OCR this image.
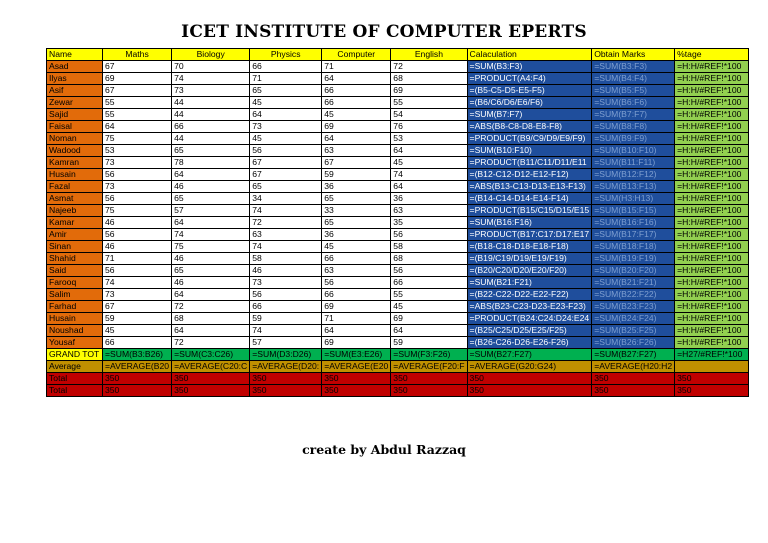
ICET INSTITUTE OF COMPUTER EPERTS
Name	Maths	Biology	Physics	Computer	English	Calaculation	Obtain Marks	%tage
Asad	67	70	66	71	72	=SUM(B3:F3)	=SUM(B3:F3)	=H:H/#REF!*100
Ilyas	69	74	71	64	68	=PRODUCT(A4:F4)	=SUM(B4:F4)	=H:H/#REF!*100
Asif	67	73	65	66	69	=(B5-C5-D5-E5-F5)	=SUM(B5:F5)	=H:H/#REF!*100
Zewar	55	44	45	66	55	=(B6/C6/D6/E6/F6)	=SUM(B6:F6)	=H:H/#REF!*100
Sajid	55	44	64	45	54	=SUM(B7:F7)	=SUM(B7:F7)	=H:H/#REF!*100
Faisal	64	66	73	69	76	=ABS(B8-C8-D8-E8-F8)	=SUM(B8:F8)	=H:H/#REF!*100
Noman	75	44	45	64	53	=PRODUCT(B9/C9/D9/E9/F9)	=SUM(B9:F9)	=H:H/#REF!*100
Wadood	53	65	56	63	64	=SUM(B10:F10)	=SUM(B10:F10)	=H:H/#REF!*100
Kamran	73	78	67	67	45	=PRODUCT(B11/C11/D11/E11	=SUM(B11:F11)	=H:H/#REF!*100
Husain	56	64	67	59	74	=(B12-C12-D12-E12-F12)	=SUM(B12:F12)	=H:H/#REF!*100
Fazal	73	46	65	36	64	=ABS(B13-C13-D13-E13-F13)	=SUM(B13:F13)	=H:H/#REF!*100
Asmat	56	65	34	65	36	=(B14-C14-D14-E14-F14)	=SUM(H3:H13)	=H:H/#REF!*100
Najeeb	75	57	74	33	63	=PRODUCT(B15/C15/D15/E15	=SUM(B15:F15)	=H:H/#REF!*100
Kamar	46	64	72	65	35	=SUM(B16:F16)	=SUM(B16:F16)	=H:H/#REF!*100
Amir	56	74	63	36	56	=PRODUCT(B17:C17:D17:E17	=SUM(B17:F17)	=H:H/#REF!*100
Sinan	46	75	74	45	58	=(B18-C18-D18-E18-F18)	=SUM(B18:F18)	=H:H/#REF!*100
Shahid	71	46	58	66	68	=(B19/C19/D19/E19/F19)	=SUM(B19:F19)	=H:H/#REF!*100
Said	56	65	46	63	56	=(B20/C20/D20/E20/F20)	=SUM(B20:F20)	=H:H/#REF!*100
Farooq	74	46	73	56	66	=SUM(B21:F21)	=SUM(B21:F21)	=H:H/#REF!*100
Salim	73	64	56	66	55	=(B22-C22-D22-E22-F22)	=SUM(B22:F22)	=H:H/#REF!*100
Farhad	67	72	66	69	45	=ABS(B23-C23-D23-E23-F23)	=SUM(B23:F23)	=H:H/#REF!*100
Husain	59	68	59	71	69	=PRODUCT(B24:C24:D24:E24	=SUM(B24:F24)	=H:H/#REF!*100
Noushad	45	64	74	64	64	=(B25/C25/D25/E25/F25)	=SUM(B25:F25)	=H:H/#REF!*100
Yousaf	66	72	57	69	59	=(B26-C26-D26-E26-F26)	=SUM(B26:F26)	=H:H/#REF!*100
GRAND TOT	=SUM(B3:B26)	=SUM(C3:C26)	=SUM(D3:D26)	=SUM(E3:E26)	=SUM(F3:F26)	=SUM(B27:F27)	=SUM(B27:F27)	=H27/#REF!*100
Average	=AVERAGE(B20	=AVERAGE(C20:C	=AVERAGE(D20:	=AVERAGE(E20	=AVERAGE(F20:F	=AVERAGE(G20:G24)	=AVERAGE(H20:H2	
Total	350	350	350	350	350	350	350	350
Total	350	350	350	350	350	350	350	350
create by Abdul Razzaq
